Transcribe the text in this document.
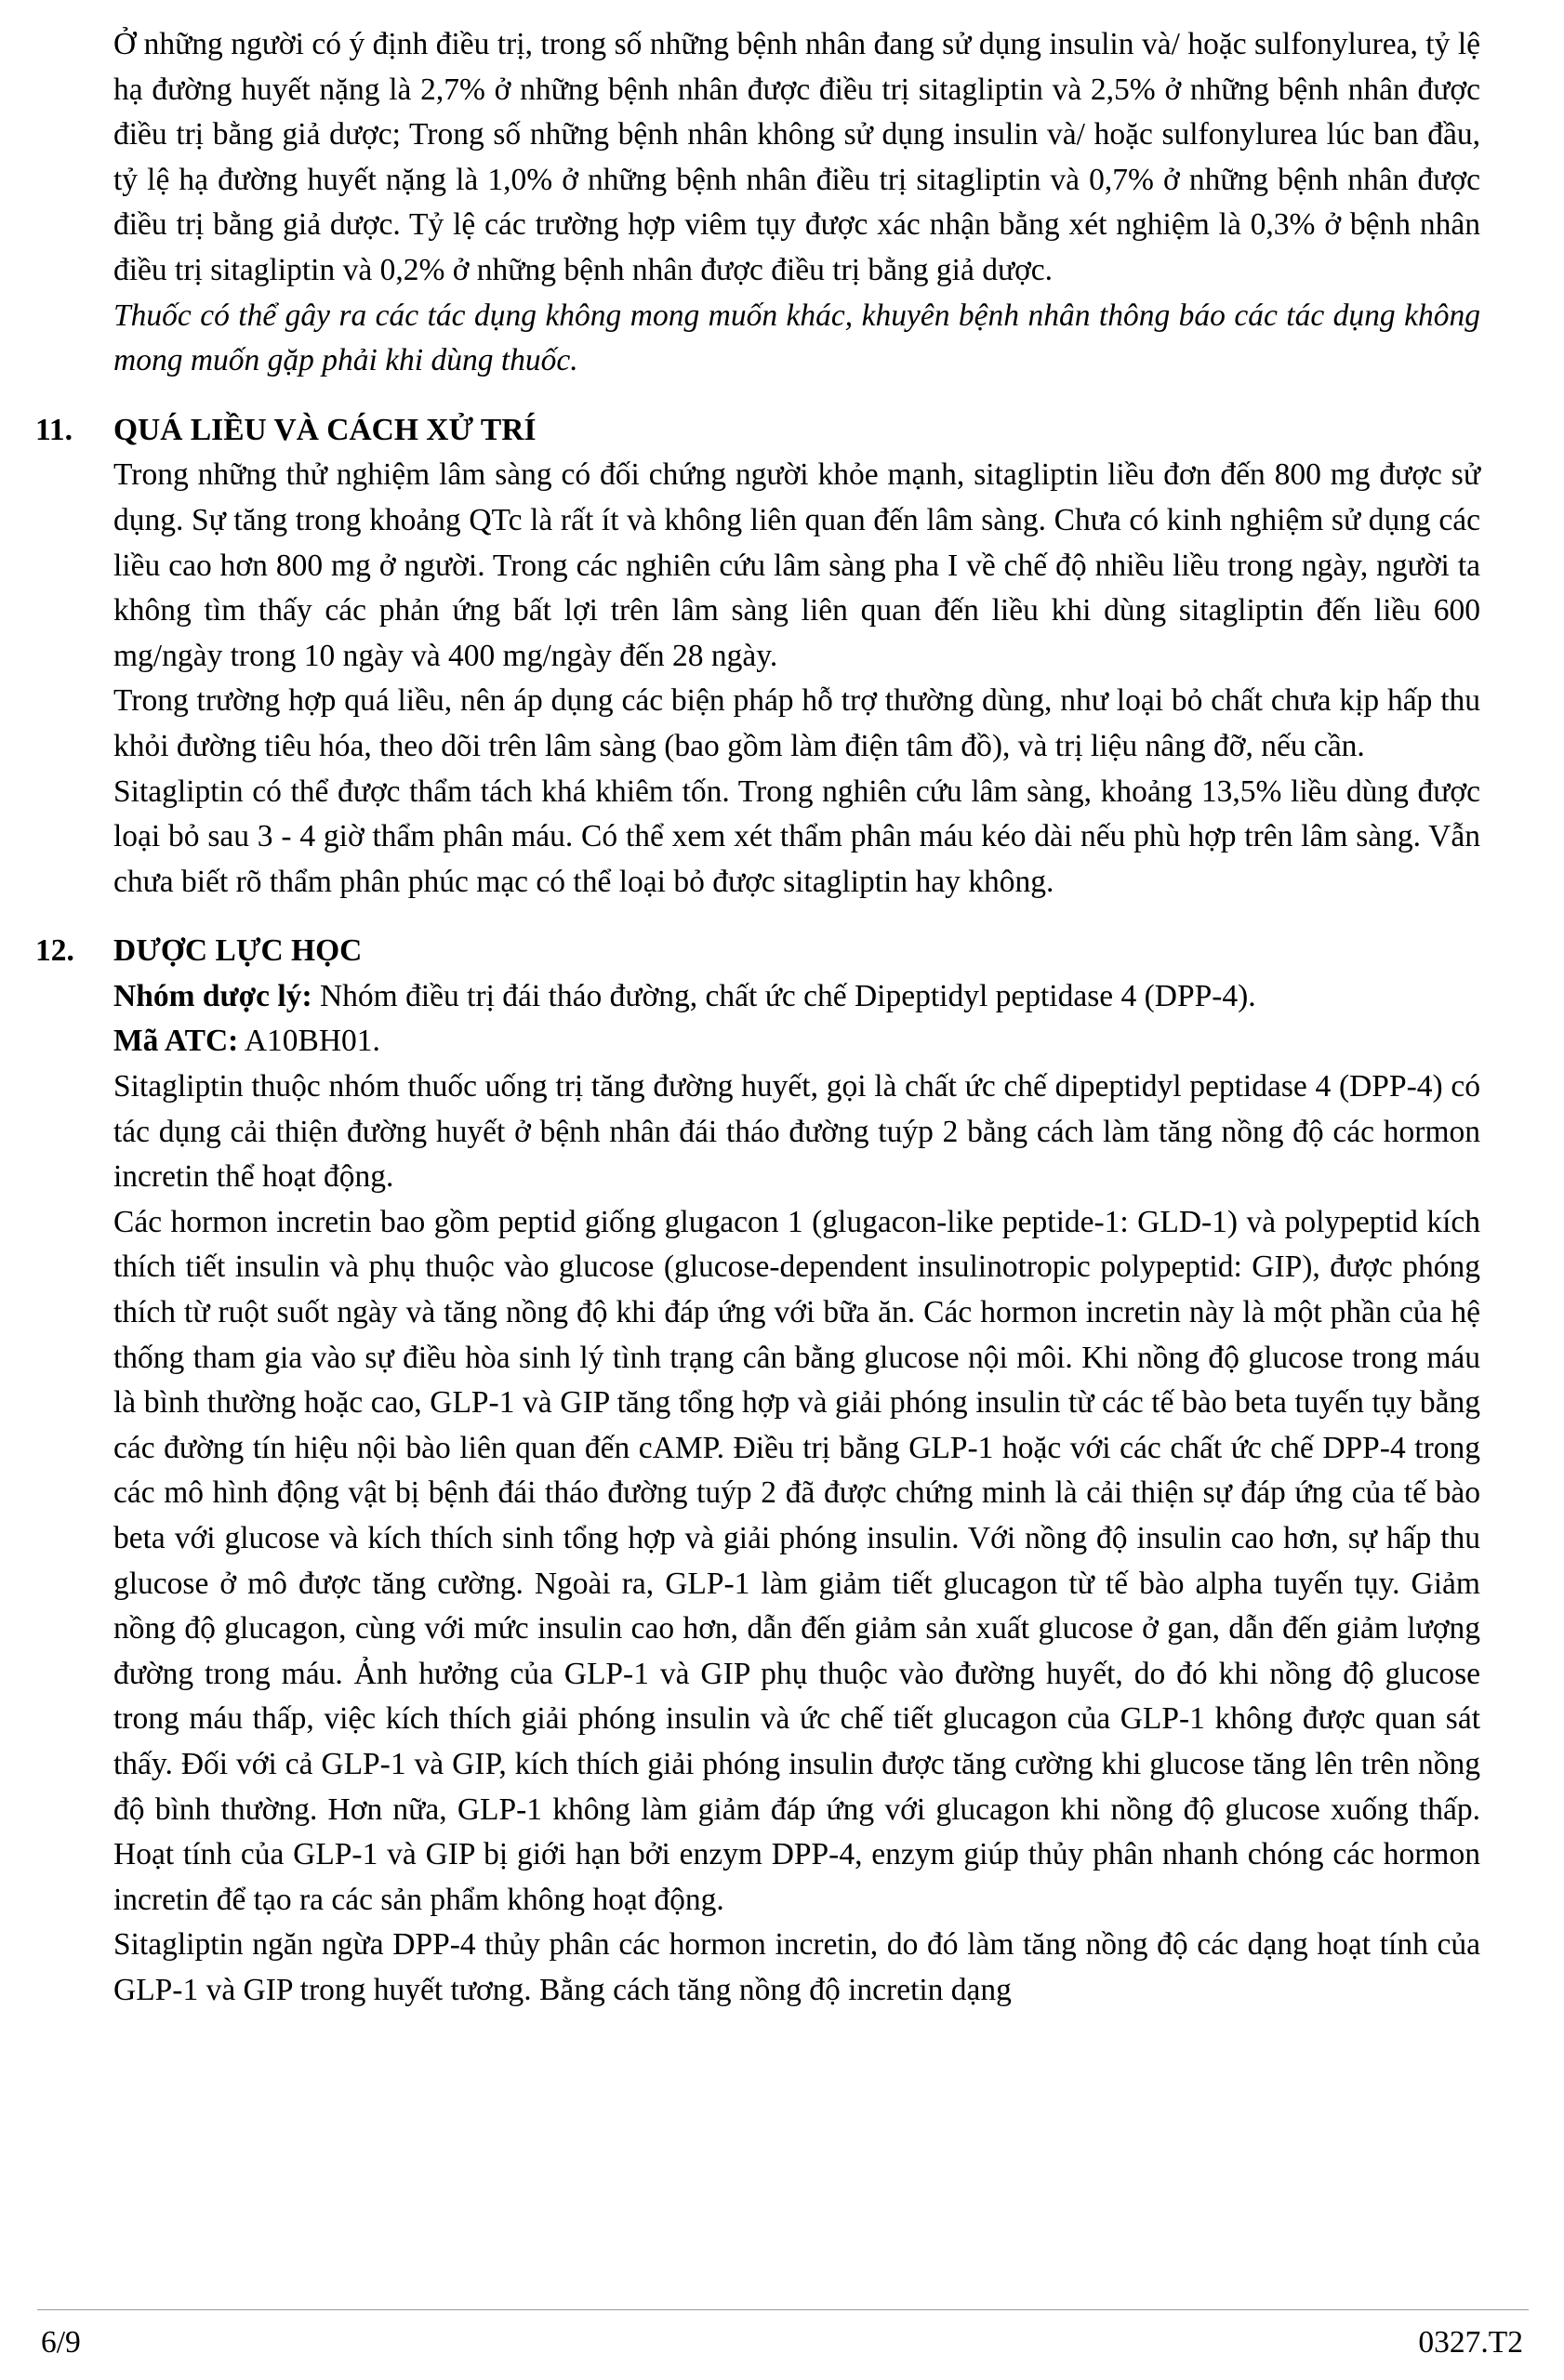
Ở những người có ý định điều trị, trong số những bệnh nhân đang sử dụng insulin và/ hoặc sulfonylurea, tỷ lệ hạ đường huyết nặng là 2,7% ở những bệnh nhân được điều trị sitagliptin và 2,5% ở những bệnh nhân được điều trị bằng giả dược; Trong số những bệnh nhân không sử dụng insulin và/ hoặc sulfonylurea lúc ban đầu, tỷ lệ hạ đường huyết nặng là 1,0% ở những bệnh nhân điều trị sitagliptin và 0,7% ở những bệnh nhân được điều trị bằng giả dược. Tỷ lệ các trường hợp viêm tụy được xác nhận bằng xét nghiệm là 0,3% ở bệnh nhân điều trị sitagliptin và 0,2% ở những bệnh nhân được điều trị bằng giả dược.

Thuốc có thể gây ra các tác dụng không mong muốn khác, khuyên bệnh nhân thông báo các tác dụng không mong muốn gặp phải khi dùng thuốc.

11. QUÁ LIỀU VÀ CÁCH XỬ TRÍ

Trong những thử nghiệm lâm sàng có đối chứng người khỏe mạnh, sitagliptin liều đơn đến 800 mg được sử dụng. Sự tăng trong khoảng QTc là rất ít và không liên quan đến lâm sàng. Chưa có kinh nghiệm sử dụng các liều cao hơn 800 mg ở người. Trong các nghiên cứu lâm sàng pha I về chế độ nhiều liều trong ngày, người ta không tìm thấy các phản ứng bất lợi trên lâm sàng liên quan đến liều khi dùng sitagliptin đến liều 600 mg/ngày trong 10 ngày và 400 mg/ngày đến 28 ngày.

Trong trường hợp quá liều, nên áp dụng các biện pháp hỗ trợ thường dùng, như loại bỏ chất chưa kịp hấp thu khỏi đường tiêu hóa, theo dõi trên lâm sàng (bao gồm làm điện tâm đồ), và trị liệu nâng đỡ, nếu cần.

Sitagliptin có thể được thẩm tách khá khiêm tốn. Trong nghiên cứu lâm sàng, khoảng 13,5% liều dùng được loại bỏ sau 3 - 4 giờ thẩm phân máu. Có thể xem xét thẩm phân máu kéo dài nếu phù hợp trên lâm sàng. Vẫn chưa biết rõ thẩm phân phúc mạc có thể loại bỏ được sitagliptin hay không.

12. DƯỢC LỰC HỌC

Nhóm dược lý: Nhóm điều trị đái tháo đường, chất ức chế Dipeptidyl peptidase 4 (DPP-4).

Mã ATC: A10BH01.

Sitagliptin thuộc nhóm thuốc uống trị tăng đường huyết, gọi là chất ức chế dipeptidyl peptidase 4 (DPP-4) có tác dụng cải thiện đường huyết ở bệnh nhân đái tháo đường tuýp 2 bằng cách làm tăng nồng độ các hormon incretin thể hoạt động.

Các hormon incretin bao gồm peptid giống glugacon 1 (glugacon-like peptide-1: GLD-1) và polypeptid kích thích tiết insulin và phụ thuộc vào glucose (glucose-dependent insulinotropic polypeptid: GIP), được phóng thích từ ruột suốt ngày và tăng nồng độ khi đáp ứng với bữa ăn. Các hormon incretin này là một phần của hệ thống tham gia vào sự điều hòa sinh lý tình trạng cân bằng glucose nội môi. Khi nồng độ glucose trong máu là bình thường hoặc cao, GLP-1 và GIP tăng tổng hợp và giải phóng insulin từ các tế bào beta tuyến tụy bằng các đường tín hiệu nội bào liên quan đến cAMP. Điều trị bằng GLP-1 hoặc với các chất ức chế DPP-4 trong các mô hình động vật bị bệnh đái tháo đường tuýp 2 đã được chứng minh là cải thiện sự đáp ứng của tế bào beta với glucose và kích thích sinh tổng hợp và giải phóng insulin. Với nồng độ insulin cao hơn, sự hấp thu glucose ở mô được tăng cường. Ngoài ra, GLP-1 làm giảm tiết glucagon từ tế bào alpha tuyến tụy. Giảm nồng độ glucagon, cùng với mức insulin cao hơn, dẫn đến giảm sản xuất glucose ở gan, dẫn đến giảm lượng đường trong máu. Ảnh hưởng của GLP-1 và GIP phụ thuộc vào đường huyết, do đó khi nồng độ glucose trong máu thấp, việc kích thích giải phóng insulin và ức chế tiết glucagon của GLP-1 không được quan sát thấy. Đối với cả GLP-1 và GIP, kích thích giải phóng insulin được tăng cường khi glucose tăng lên trên nồng độ bình thường. Hơn nữa, GLP-1 không làm giảm đáp ứng với glucagon khi nồng độ glucose xuống thấp. Hoạt tính của GLP-1 và GIP bị giới hạn bởi enzym DPP-4, enzym giúp thủy phân nhanh chóng các hormon incretin để tạo ra các sản phẩm không hoạt động.

Sitagliptin ngăn ngừa DPP-4 thủy phân các hormon incretin, do đó làm tăng nồng độ các dạng hoạt tính của GLP-1 và GIP trong huyết tương. Bằng cách tăng nồng độ incretin dạng

6/9	0327.T2
